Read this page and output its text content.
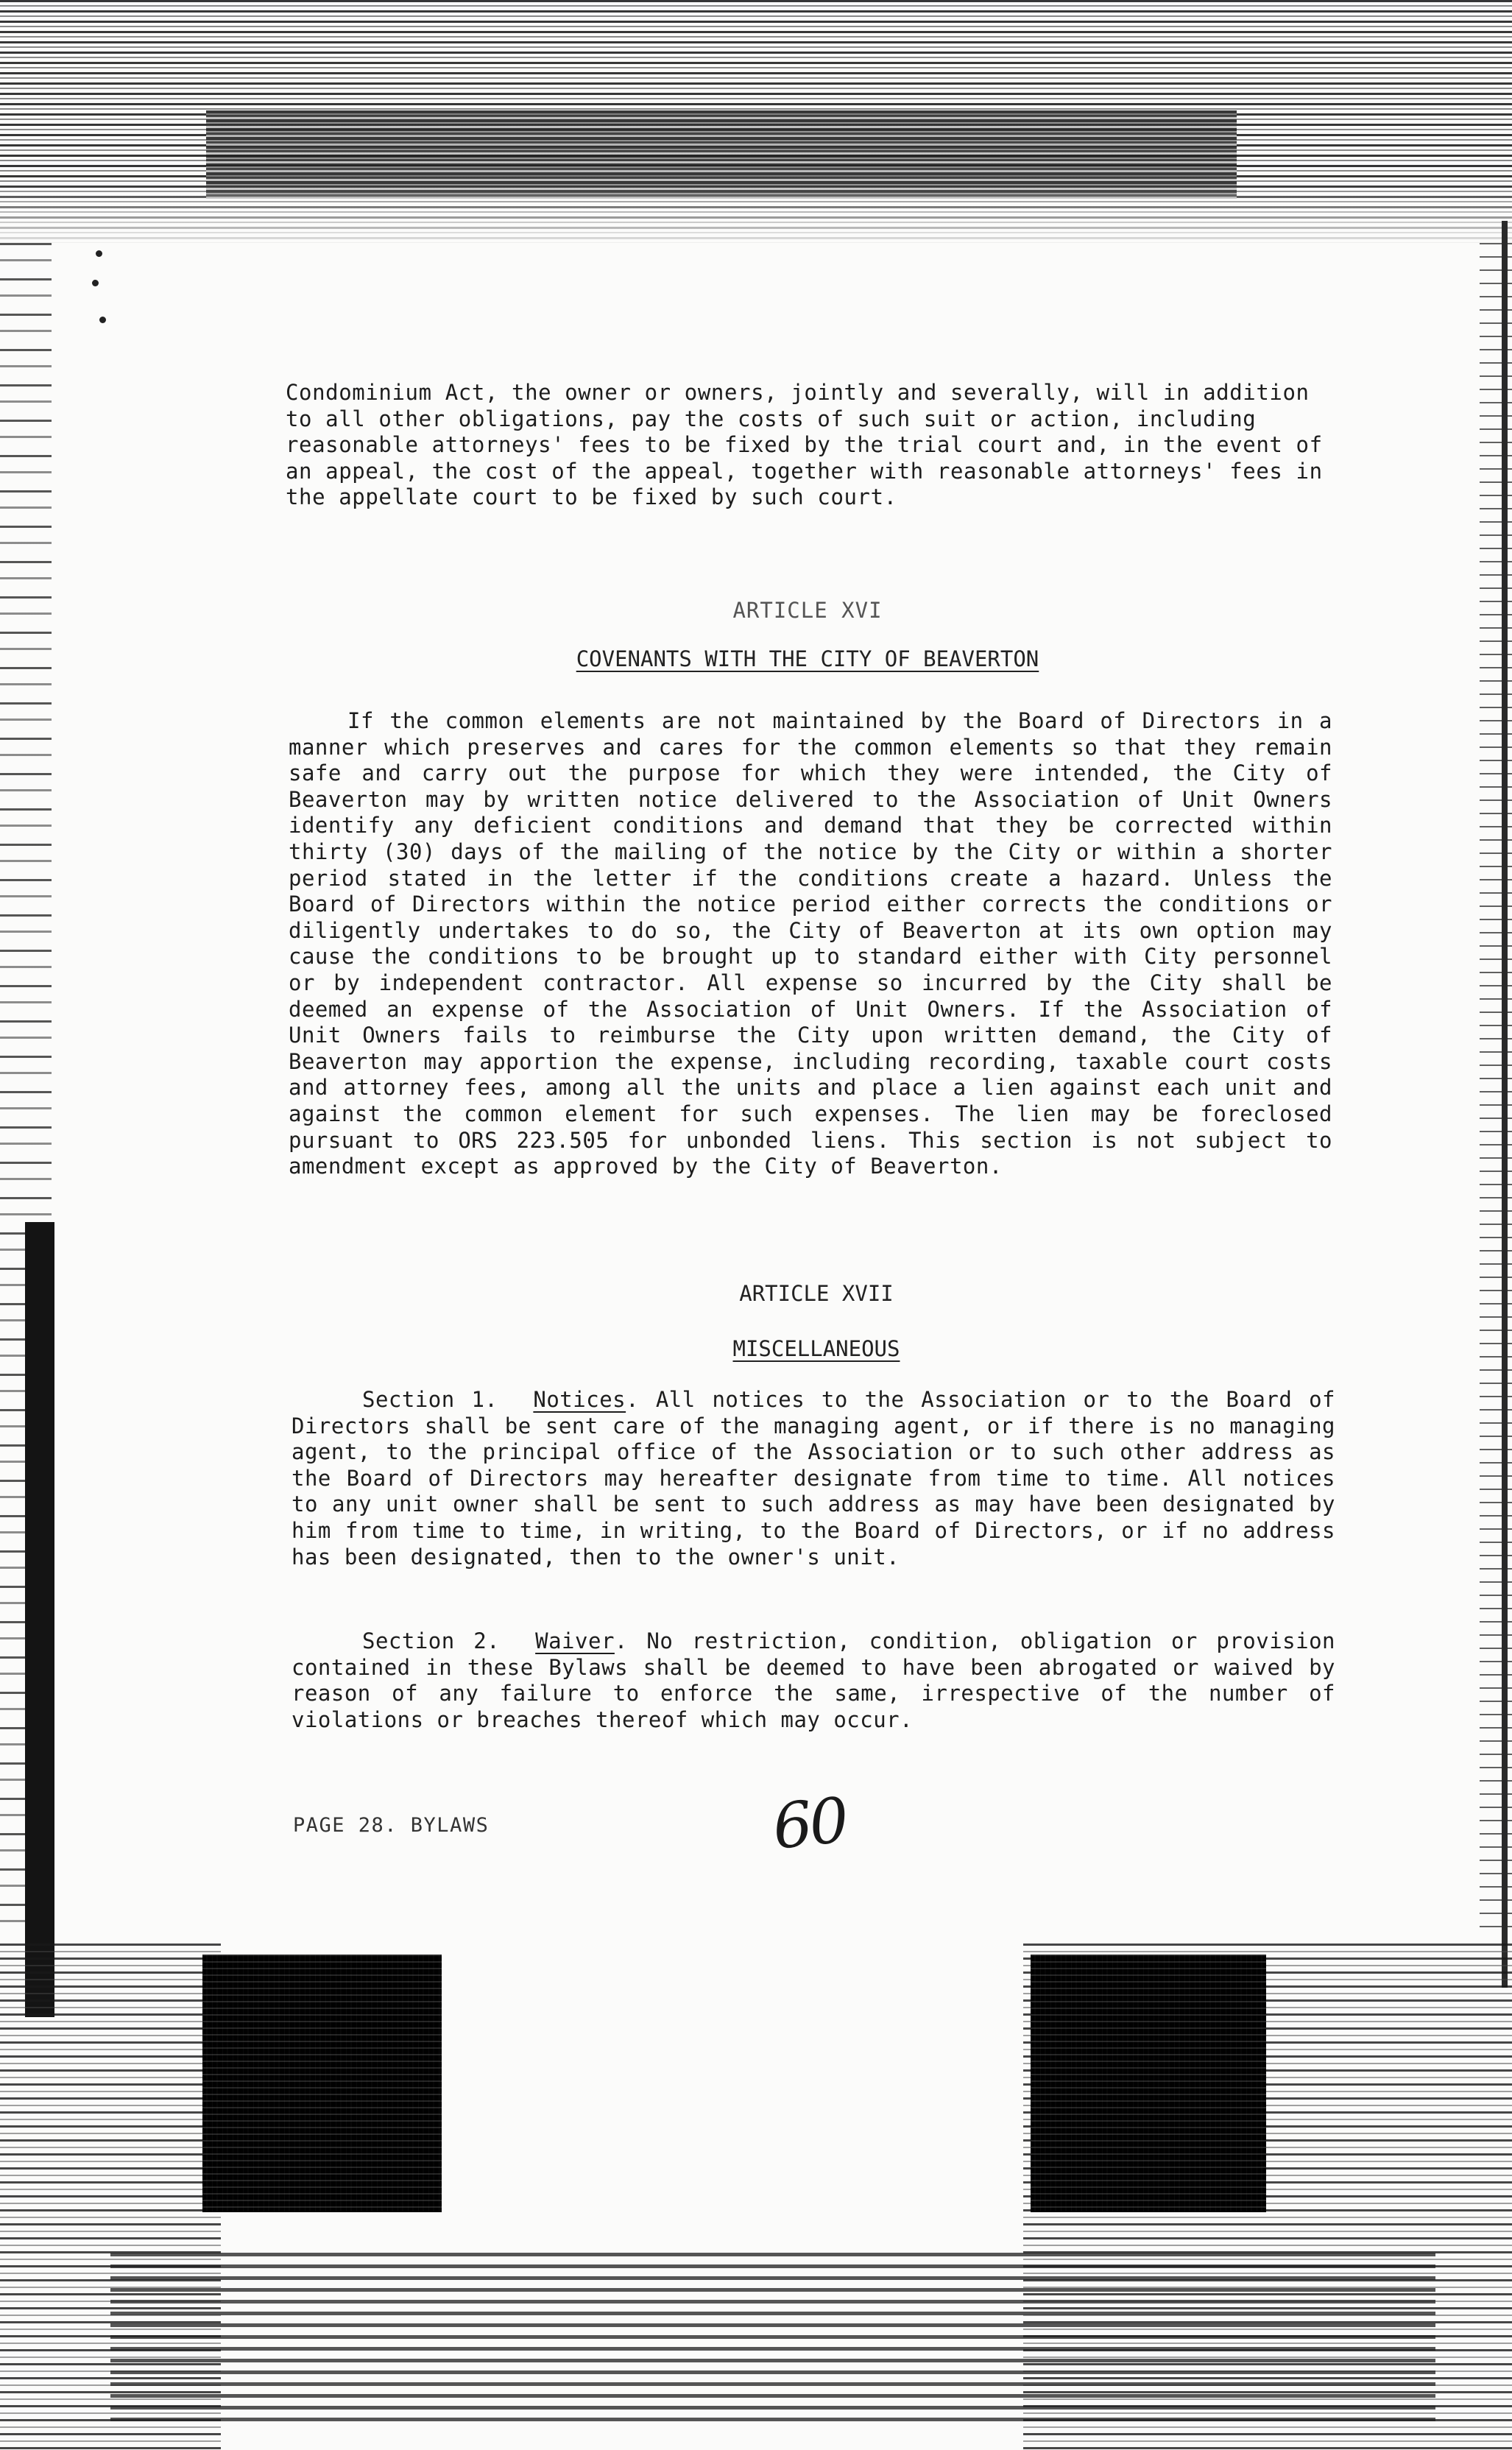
Condominium Act, the owner or owners, jointly and severally, will in addition to all other obligations, pay the costs of such suit or action, including reasonable attorneys' fees to be fixed by the trial court and, in the event of an appeal, the cost of the appeal, together with reasonable attorneys' fees in the appellate court to be fixed by such court.

ARTICLE XVI
COVENANTS WITH THE CITY OF BEAVERTON

If the common elements are not maintained by the Board of Directors in a manner which preserves and cares for the common elements so that they remain safe and carry out the purpose for which they were intended, the City of Beaverton may by written notice delivered to the Association of Unit Owners identify any deficient conditions and demand that they be corrected within thirty (30) days of the mailing of the notice by the City or within a shorter period stated in the letter if the conditions create a hazard. Unless the Board of Directors within the notice period either corrects the conditions or diligently undertakes to do so, the City of Beaverton at its own option may cause the conditions to be brought up to standard either with City personnel or by independent contractor. All expense so incurred by the City shall be deemed an expense of the Association of Unit Owners. If the Association of Unit Owners fails to reimburse the City upon written demand, the City of Beaverton may apportion the expense, including recording, taxable court costs and attorney fees, among all the units and place a lien against each unit and against the common element for such expenses. The lien may be foreclosed pursuant to ORS 223.505 for unbonded liens. This section is not subject to amendment except as approved by the City of Beaverton.

ARTICLE XVII
MISCELLANEOUS

Section 1. Notices. All notices to the Association or to the Board of Directors shall be sent care of the managing agent, or if there is no managing agent, to the principal office of the Association or to such other address as the Board of Directors may hereafter designate from time to time. All notices to any unit owner shall be sent to such address as may have been designated by him from time to time, in writing, to the Board of Directors, or if no address has been designated, then to the owner's unit.

Section 2. Waiver. No restriction, condition, obligation or provision contained in these Bylaws shall be deemed to have been abrogated or waived by reason of any failure to enforce the same, irrespective of the number of violations or breaches thereof which may occur.

PAGE 28. BYLAWS	60
